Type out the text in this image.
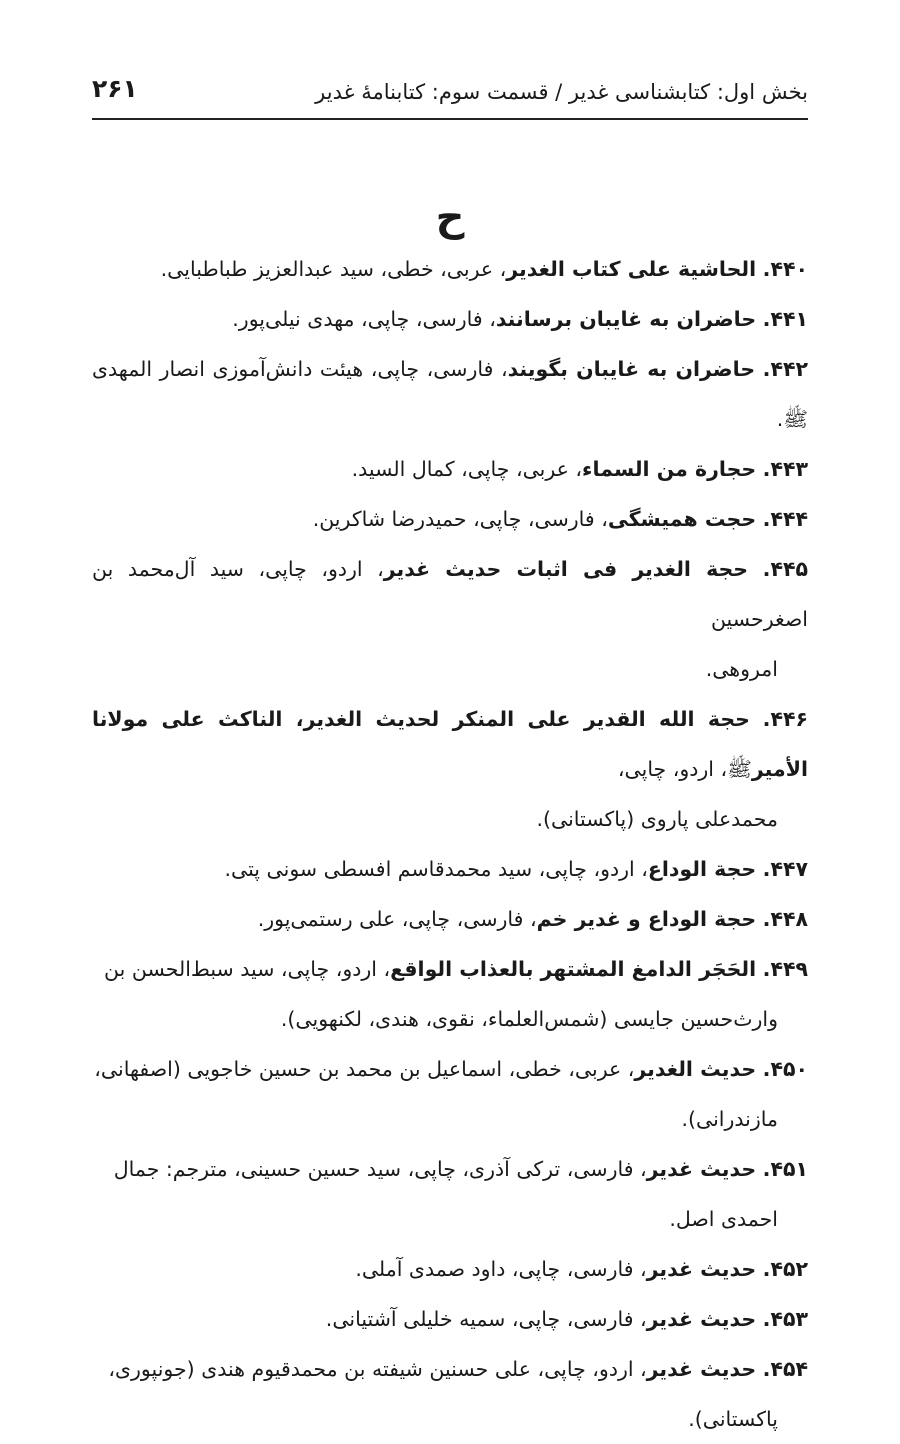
بخش اول: کتابشناسی غدیر / قسمت سوم: کتابنامۀ غدیر
۲۶۱
ح
۴۴۰. الحاشیة علی کتاب الغدیر، عربی، خطی، سید عبدالعزیز طباطبایی.
۴۴۱. حاضران به غایبان برسانند، فارسی، چاپی، مهدی نیلی‌پور.
۴۴۲. حاضران به غایبان بگویند، فارسی، چاپی، هیئت دانش‌آموزی انصار المهدی ﷺ.
۴۴۳. حجارة من السماء، عربی، چاپی، کمال السید.
۴۴۴. حجت همیشگی، فارسی، چاپی، حمیدرضا شاکرین.
۴۴۵. حجة الغدیر فی اثبات حدیث غدیر، اردو، چاپی، سید آل‌محمد بن اصغرحسین
امروهی.
۴۴۶. حجة الله القدیر علی المنکر لحدیث الغدیر، الناکث علی مولانا الأمیرﷺ، اردو، چاپی،
محمدعلی پاروی (پاکستانی).
۴۴۷. حجة الوداع، اردو، چاپی، سید محمدقاسم افسطی سونی پتی.
۴۴۸. حجة الوداع و غدیر خم، فارسی، چاپی، علی رستمی‌پور.
۴۴۹. الحَجَر الدامغ المشتهر بالعذاب الواقع، اردو، چاپی، سید سبط‌الحسن بن
وارث‌حسین جایسی (شمس‌العلماء، نقوی، هندی، لکنهویی).
۴۵۰. حدیث الغدیر، عربی، خطی، اسماعیل بن محمد بن حسین خاجویی (اصفهانی،
مازندرانی).
۴۵۱. حدیث غدیر، فارسی، ترکی آذری، چاپی، سید حسین حسینی، مترجم: جمال
احمدی اصل.
۴۵۲. حدیث غدیر، فارسی، چاپی، داود صمدی آملی.
۴۵۳. حدیث غدیر، فارسی، چاپی، سمیه خلیلی آشتیانی.
۴۵۴. حدیث غدیر، اردو، چاپی، علی حسنین شیفته بن محمدقیوم هندی (جونپوری،
پاکستانی).
